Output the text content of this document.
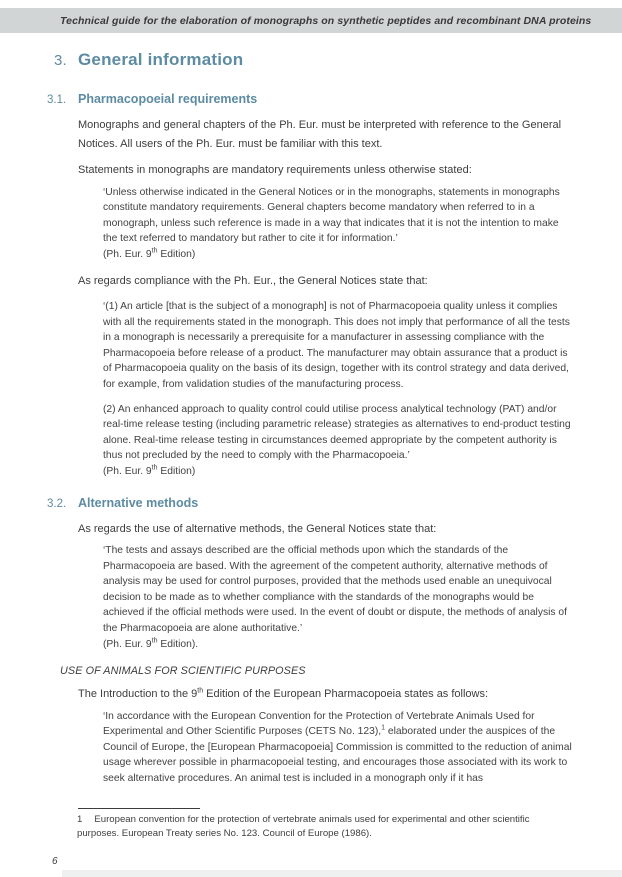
Technical guide for the elaboration of monographs on synthetic peptides and recombinant DNA proteins
3. General information
3.1. Pharmacopoeial requirements

Monographs and general chapters of the Ph. Eur. must be interpreted with reference to the General Notices. All users of the Ph. Eur. must be familiar with this text.

Statements in monographs are mandatory requirements unless otherwise stated:

‘Unless otherwise indicated in the General Notices or in the monographs, statements in monographs constitute mandatory requirements. General chapters become mandatory when referred to in a monograph, unless such reference is made in a way that indicates that it is not the intention to make the text referred to mandatory but rather to cite it for information.’

(Ph. Eur. 9th Edition)

As regards compliance with the Ph. Eur., the General Notices state that:

‘(1) An article [that is the subject of a monograph] is not of Pharmacopoeia quality unless it complies with all the requirements stated in the monograph. This does not imply that performance of all the tests in a monograph is necessarily a prerequisite for a manufacturer in assessing compliance with the Pharmacopoeia before release of a product. The manufacturer may obtain assurance that a product is of Pharmacopoeia quality on the basis of its design, together with its control strategy and data derived, for example, from validation studies of the manufacturing process.

(2) An enhanced approach to quality control could utilise process analytical technology (PAT) and/or real-time release testing (including parametric release) strategies as alternatives to end-product testing alone. Real-time release testing in circumstances deemed appropriate by the competent authority is thus not precluded by the need to comply with the Pharmacopoeia.’

(Ph. Eur. 9th Edition)

3.2. Alternative methods

As regards the use of alternative methods, the General Notices state that:

‘The tests and assays described are the official methods upon which the standards of the Pharmacopoeia are based. With the agreement of the competent authority, alternative methods of analysis may be used for control purposes, provided that the methods used enable an unequivocal decision to be made as to whether compliance with the standards of the monographs would be achieved if the official methods were used. In the event of doubt or dispute, the methods of analysis of the Pharmacopoeia are alone authoritative.’

(Ph. Eur. 9th Edition).

USE OF ANIMALS FOR SCIENTIFIC PURPOSES

The Introduction to the 9th Edition of the European Pharmacopoeia states as follows:

‘In accordance with the European Convention for the Protection of Vertebrate Animals Used for Experimental and Other Scientific Purposes (CETS No. 123),$^1$ elaborated under the auspices of the Council of Europe, the [European Pharmacopoeia] Commission is committed to the reduction of animal usage wherever possible in pharmacopoeial testing, and encourages those associated with its work to seek alternative procedures. An animal test is included in a monograph only if it has

1 European convention for the protection of vertebrate animals used for experimental and other scientific purposes. European Treaty series No. 123. Council of Europe (1986).

6
